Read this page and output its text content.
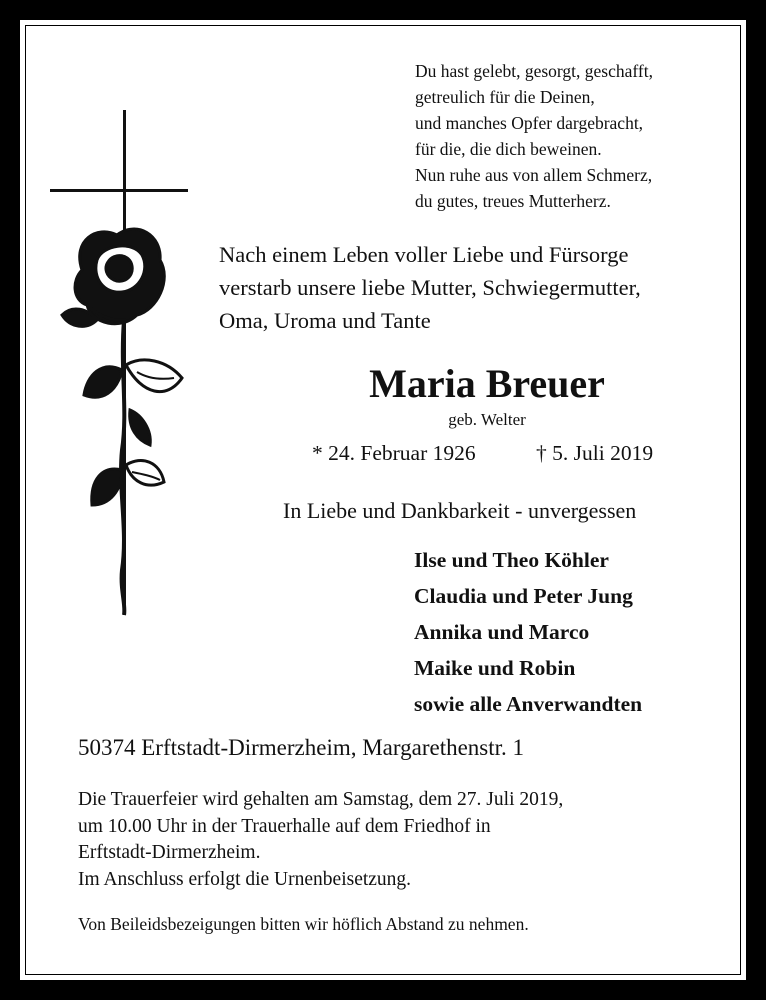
Du hast gelebt, gesorgt, geschafft,
getreulich für die Deinen,
und manches Opfer dargebracht,
für die, die dich beweinen.
Nun ruhe aus von allem Schmerz,
du gutes, treues Mutterherz.
Nach einem Leben voller Liebe und Fürsorge
verstarb unsere liebe Mutter, Schwiegermutter,
Oma, Uroma und Tante
Maria Breuer
geb. Welter
* 24. Februar 1926	† 5. Juli 2019
In Liebe und Dankbarkeit - unvergessen
Ilse und Theo Köhler
Claudia und Peter Jung
Annika und Marco
Maike und Robin
sowie alle Anverwandten
50374 Erftstadt-Dirmerzheim, Margarethenstr. 1
Die Trauerfeier wird gehalten am Samstag, dem 27. Juli 2019,
um 10.00 Uhr in der Trauerhalle auf dem Friedhof in
Erftstadt-Dirmerzheim.
Im Anschluss erfolgt die Urnenbeisetzung.
Von Beileidsbezeigungen bitten wir höflich Abstand zu nehmen.
